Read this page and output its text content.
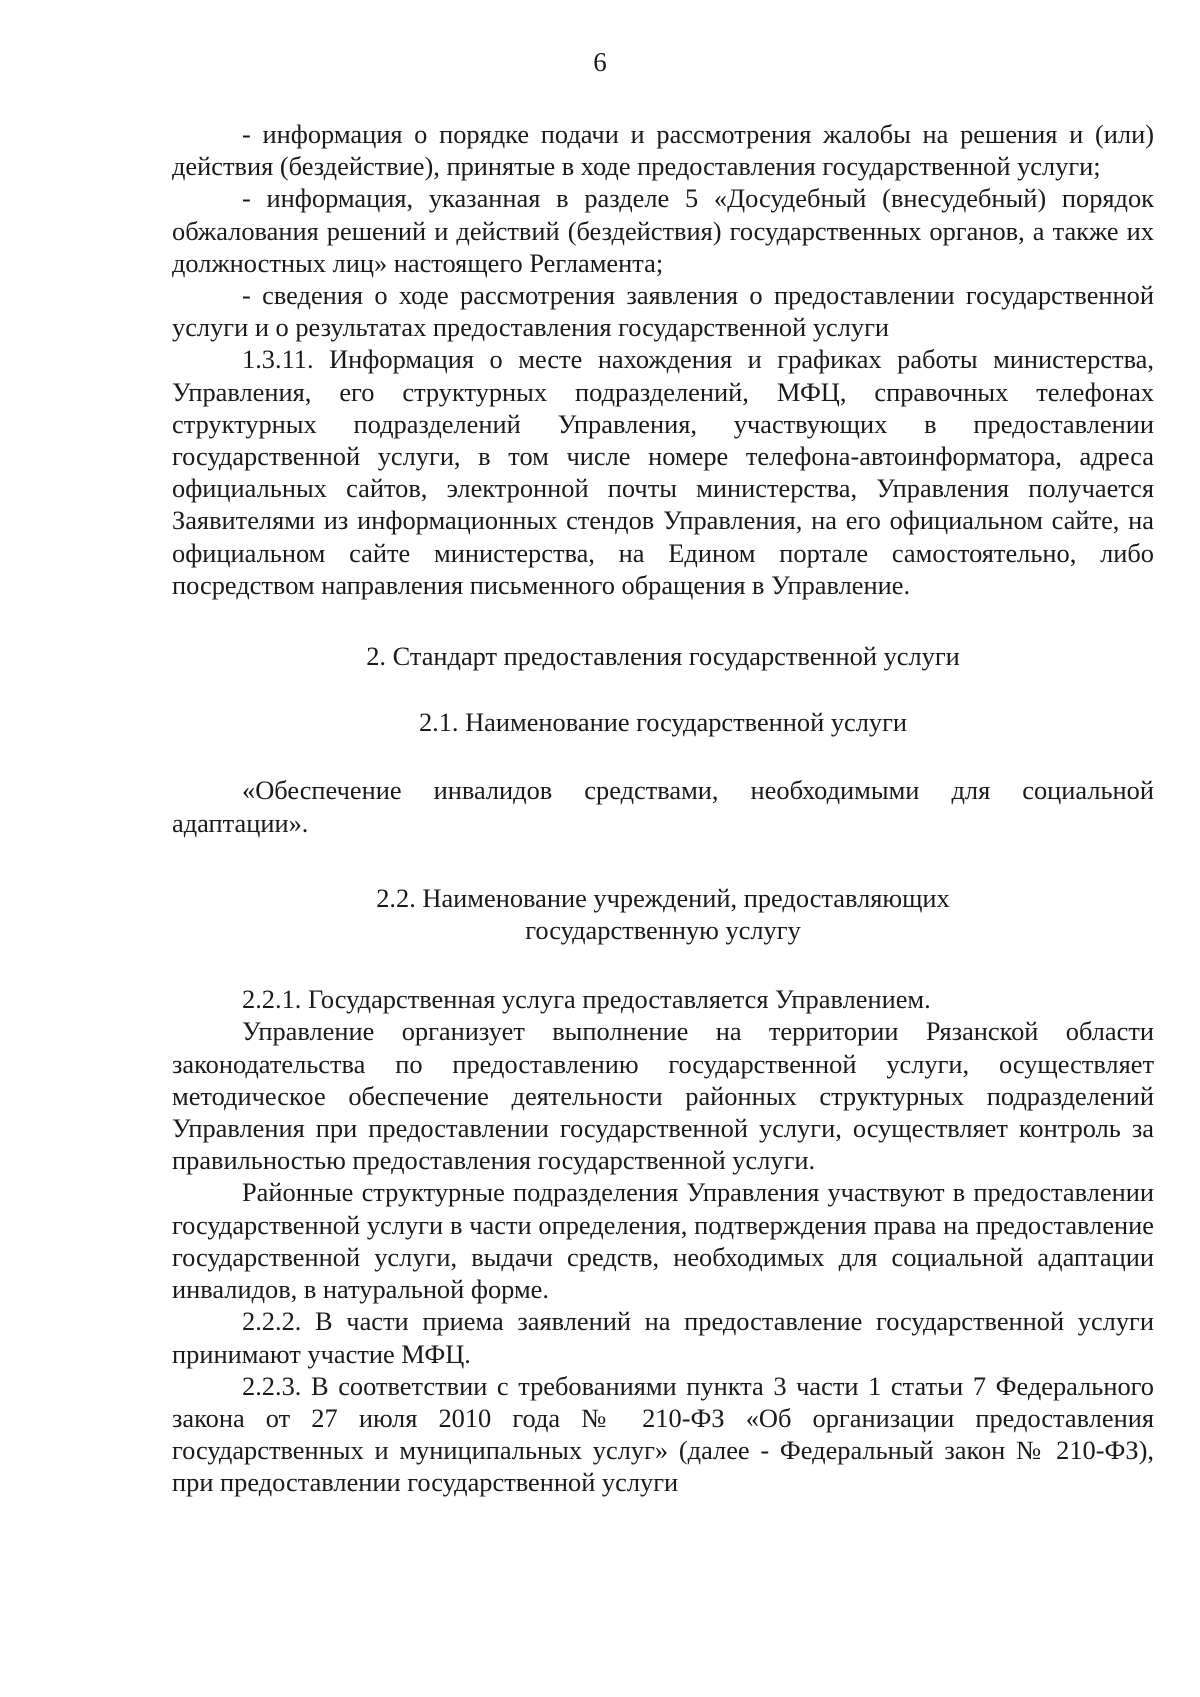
6

- информация о порядке подачи и рассмотрения жалобы на решения и (или) действия (бездействие), принятые в ходе предоставления государственной услуги;

- информация, указанная в разделе 5 «Досудебный (внесудебный) порядок обжалования решений и действий (бездействия) государственных органов, а также их должностных лиц» настоящего Регламента;

- сведения о ходе рассмотрения заявления о предоставлении государственной услуги и о результатах предоставления государственной услуги

1.3.11. Информация о месте нахождения и графиках работы министерства, Управления, его структурных подразделений, МФЦ, справочных телефонах структурных подразделений Управления, участвующих в предоставлении государственной услуги, в том числе номере телефона-автоинформатора, адреса официальных сайтов, электронной почты министерства, Управления получается Заявителями из информационных стендов Управления, на его официальном сайте, на официальном сайте министерства, на Едином портале самостоятельно, либо посредством направления письменного обращения в Управление.

2. Стандарт предоставления государственной услуги

2.1. Наименование государственной услуги

«Обеспечение инвалидов средствами, необходимыми для социальной адаптации».

2.2. Наименование учреждений, предоставляющих

государственную услугу

2.2.1. Государственная услуга предоставляется Управлением.

Управление организует выполнение на территории Рязанской области законодательства по предоставлению государственной услуги, осуществляет методическое обеспечение деятельности районных структурных подразделений Управления при предоставлении государственной услуги, осуществляет контроль за правильностью предоставления государственной услуги.

Районные структурные подразделения Управления участвуют в предоставлении государственной услуги в части определения, подтверждения права на предоставление государственной услуги, выдачи средств, необходимых для социальной адаптации инвалидов, в натуральной форме.

2.2.2. В части приема заявлений на предоставление государственной услуги принимают участие МФЦ.

2.2.3. В соответствии с требованиями пункта 3 части 1 статьи 7 Федерального закона от 27 июля 2010 года № 210-ФЗ «Об организации предоставления государственных и муниципальных услуг» (далее - Федеральный закон № 210-ФЗ), при предоставлении государственной услуги
